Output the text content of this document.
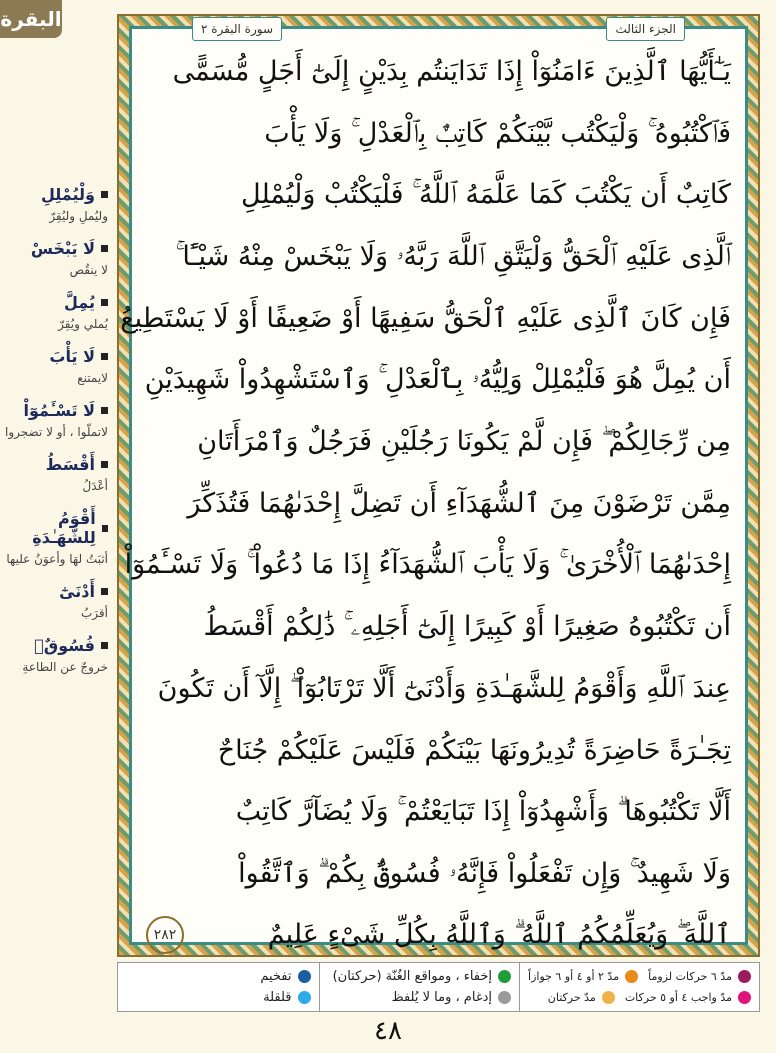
البقرة
وَلْيُمْلِلِ
وليُملِ وليُقِرّ
لَا يَبْخَسْ
لا ينقُص
يُمِلَّ
يُملي ويُقِرّ
لَا يَأْبَ
لايمتنع
لَا تَسْـَٔمُوٓاْ
لاتملّوا ، أو لا تضجروا
أَقْسَطُ
أعْدَلُ
أَقْوَمُ لِلشَّهَـٰدَةِ
أثبَتُ لهَا وأعوَنُ عليها
أَدْنَىٰٓ
أقرَبُ
فُسُوقٌۢ
خروجٌ عن الطاعةِ
الجزء الثالث
سورة البقرة ٢
يَـٰٓأَيُّهَا ٱلَّذِينَ ءَامَنُوٓاْ إِذَا تَدَايَنتُم بِدَيْنٍ إِلَىٰٓ أَجَلٍ مُّسَمًّى
فَٱكْتُبُوهُ ۚ وَلْيَكْتُب بَّيْنَكُمْ كَاتِبٌۢ بِٱلْعَدْلِ ۚ وَلَا يَأْبَ
كَاتِبٌ أَن يَكْتُبَ كَمَا عَلَّمَهُ ٱللَّهُ ۚ فَلْيَكْتُبْ وَلْيُمْلِلِ
ٱلَّذِى عَلَيْهِ ٱلْحَقُّ وَلْيَتَّقِ ٱللَّهَ رَبَّهُۥ وَلَا يَبْخَسْ مِنْهُ شَيْـًٔا ۚ
فَإِن كَانَ ٱلَّذِى عَلَيْهِ ٱلْحَقُّ سَفِيهًا أَوْ ضَعِيفًا أَوْ لَا يَسْتَطِيعُ
أَن يُمِلَّ هُوَ فَلْيُمْلِلْ وَلِيُّهُۥ بِٱلْعَدْلِ ۚ وَٱسْتَشْهِدُواْ شَهِيدَيْنِ
مِن رِّجَالِكُمْ ۖ فَإِن لَّمْ يَكُونَا رَجُلَيْنِ فَرَجُلٌ وَٱمْرَأَتَانِ
مِمَّن تَرْضَوْنَ مِنَ ٱلشُّهَدَآءِ أَن تَضِلَّ إِحْدَىٰهُمَا فَتُذَكِّرَ
إِحْدَىٰهُمَا ٱلْأُخْرَىٰ ۚ وَلَا يَأْبَ ٱلشُّهَدَآءُ إِذَا مَا دُعُواْ ۚ وَلَا تَسْـَٔمُوٓاْ
أَن تَكْتُبُوهُ صَغِيرًا أَوْ كَبِيرًا إِلَىٰٓ أَجَلِهِۦ ۚ ذَٰلِكُمْ أَقْسَطُ
عِندَ ٱللَّهِ وَأَقْوَمُ لِلشَّهَـٰدَةِ وَأَدْنَىٰٓ أَلَّا تَرْتَابُوٓاْ ۖ إِلَّآ أَن تَكُونَ
تِجَـٰرَةً حَاضِرَةً تُدِيرُونَهَا بَيْنَكُمْ فَلَيْسَ عَلَيْكُمْ جُنَاحٌ
أَلَّا تَكْتُبُوهَا ۗ وَأَشْهِدُوٓاْ إِذَا تَبَايَعْتُمْ ۚ وَلَا يُضَآرَّ كَاتِبٌ
وَلَا شَهِيدٌ ۚ وَإِن تَفْعَلُواْ فَإِنَّهُۥ فُسُوقٌۢ بِكُمْ ۗ وَٱتَّقُواْ
ٱللَّهَ ۖ وَيُعَلِّمُكُمُ ٱللَّهُ ۗ وَٱللَّهُ بِكُلِّ شَىْءٍ عَلِيمٌ
٢٨٢
مدّ ٦ حركات لزوماً
مدّ ٢ أو ٤ أو ٦ جوازاً
مدّ واجب ٤ أو ٥ حركات
مدّ حركتان
إخفاء ، ومواقع الغُنّة (حركتان)
إدغام ، وما لا يُلفظ
تفخيم
قلقلة
٤٨
